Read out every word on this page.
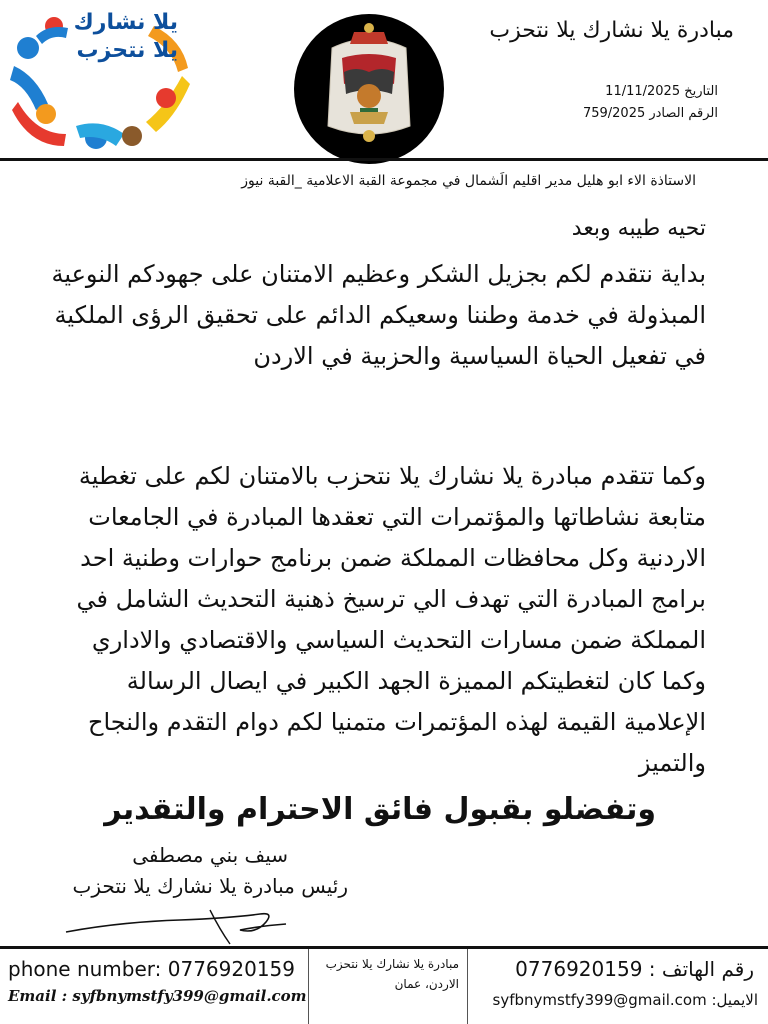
يلا نشارك
يلا نتحزب
مبادرة يلا نشارك يلا نتحزب
التاريخ 11/11/2025
الرقم الصادر 759/2025
الاستاذة الاء ابو هليل مدير اقليم الَشمال في مجموعة القبة الاعلامية _القبة نيوز
تحيه طيبه وبعد

بداية نتقدم لكم بجزيل الشكر وعظيم الامتنان على جهودكم النوعية المبذولة في خدمة وطننا وسعيكم الدائم على تحقيق الرؤى الملكية في تفعيل الحياة السياسية والحزبية في الاردن

وكما تتقدم مبادرة يلا نشارك يلا نتحزب بالامتنان لكم على تغطية متابعة نشاطاتها والمؤتمرات التي تعقدها المبادرة في الجامعات الاردنية وكل محافظات المملكة ضمن برنامج حوارات وطنية احد برامج المبادرة التي تهدف الي ترسيخ ذهنية التحديث الشامل في المملكة ضمن مسارات التحديث السياسي والاقتصادي والاداري وكما كان لتغطيتكم المميزة الجهد الكبير في ايصال الرسالة الإعلامية القيمة لهذه المؤتمرات متمنيا لكم دوام التقدم والنجاح والتميز

وتفضلو بقبول فائق الاحترام والتقدير
سيف بني مصطفى
رئيس مبادرة يلا نشارك يلا نتحزب
phone number: 0776920159
Email : syfbnymstfy399@gmail.com
مبادرة يلا نشارك يلا نتحزب
الاردن، عمان
رقم الهاتف : 0776920159
الايميل: syfbnymstfy399@gmail.com
